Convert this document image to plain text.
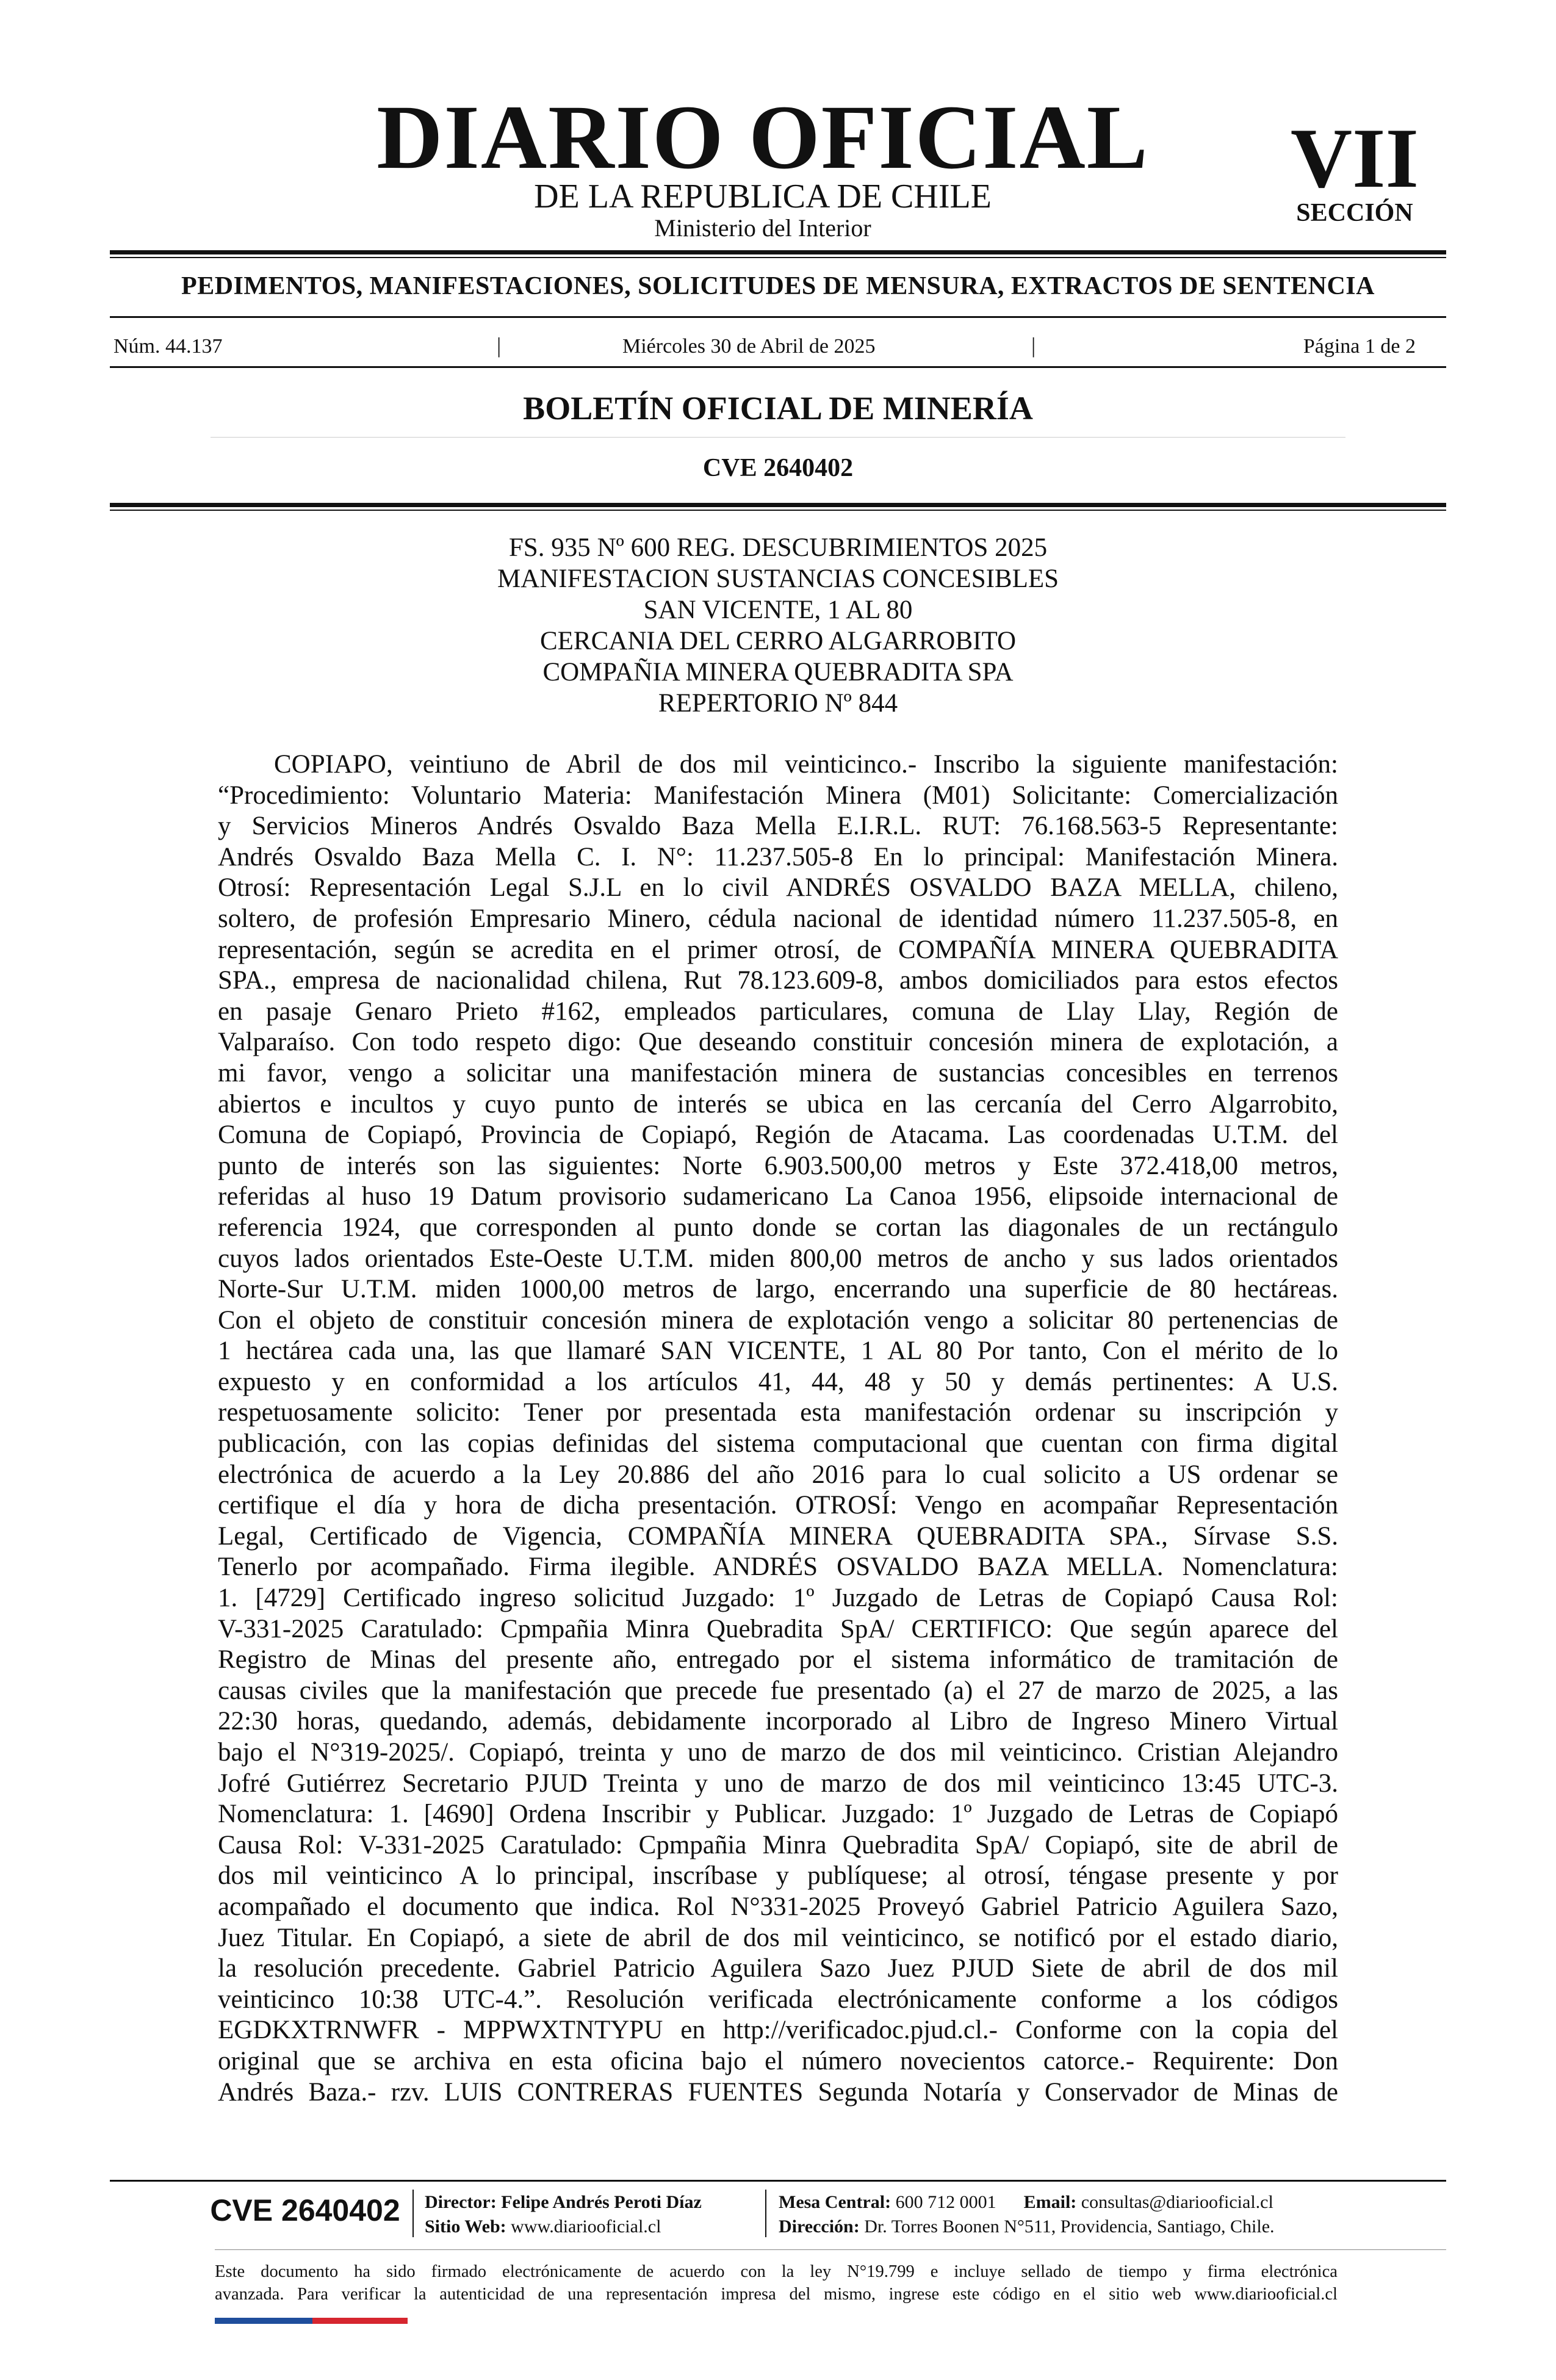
DIARIO OFICIAL
DE LA REPUBLICA DE CHILE
Ministerio del Interior
VII
SECCIÓN
PEDIMENTOS, MANIFESTACIONES, SOLICITUDES DE MENSURA, EXTRACTOS DE SENTENCIA
Núm. 44.137	|	Miércoles 30 de Abril de 2025	|	Página 1 de 2
BOLETÍN OFICIAL DE MINERÍA
CVE 2640402
FS. 935 Nº 600 REG. DESCUBRIMIENTOS 2025
MANIFESTACION SUSTANCIAS CONCESIBLES
SAN VICENTE, 1 AL 80
CERCANIA DEL CERRO ALGARROBITO
COMPAÑIA MINERA QUEBRADITA SPA
REPERTORIO Nº 844
COPIAPO, veintiuno de Abril de dos mil veinticinco.- Inscribo la siguiente manifestación:
“Procedimiento: Voluntario Materia: Manifestación Minera (M01) Solicitante: Comercialización
y Servicios Mineros Andrés Osvaldo Baza Mella E.I.R.L. RUT: 76.168.563-5 Representante:
Andrés Osvaldo Baza Mella C. I. N°: 11.237.505-8 En lo principal: Manifestación Minera.
Otrosí: Representación Legal S.J.L en lo civil ANDRÉS OSVALDO BAZA MELLA, chileno,
soltero, de profesión Empresario Minero, cédula nacional de identidad número 11.237.505-8, en
representación, según se acredita en el primer otrosí, de COMPAÑÍA MINERA QUEBRADITA
SPA., empresa de nacionalidad chilena, Rut 78.123.609-8, ambos domiciliados para estos efectos
en pasaje Genaro Prieto #162, empleados particulares, comuna de Llay Llay, Región de
Valparaíso. Con todo respeto digo: Que deseando constituir concesión minera de explotación, a
mi favor, vengo a solicitar una manifestación minera de sustancias concesibles en terrenos
abiertos e incultos y cuyo punto de interés se ubica en las cercanía del Cerro Algarrobito,
Comuna de Copiapó, Provincia de Copiapó, Región de Atacama. Las coordenadas U.T.M. del
punto de interés son las siguientes: Norte 6.903.500,00 metros y Este 372.418,00 metros,
referidas al huso 19 Datum provisorio sudamericano La Canoa 1956, elipsoide internacional de
referencia 1924, que corresponden al punto donde se cortan las diagonales de un rectángulo
cuyos lados orientados Este-Oeste U.T.M. miden 800,00 metros de ancho y sus lados orientados
Norte-Sur U.T.M. miden 1000,00 metros de largo, encerrando una superficie de 80 hectáreas.
Con el objeto de constituir concesión minera de explotación vengo a solicitar 80 pertenencias de
1 hectárea cada una, las que llamaré SAN VICENTE, 1 AL 80 Por tanto, Con el mérito de lo
expuesto y en conformidad a los artículos 41, 44, 48 y 50 y demás pertinentes: A U.S.
respetuosamente solicito: Tener por presentada esta manifestación ordenar su inscripción y
publicación, con las copias definidas del sistema computacional que cuentan con firma digital
electrónica de acuerdo a la Ley 20.886 del año 2016 para lo cual solicito a US ordenar se
certifique el día y hora de dicha presentación. OTROSÍ: Vengo en acompañar Representación
Legal, Certificado de Vigencia, COMPAÑÍA MINERA QUEBRADITA SPA., Sírvase S.S.
Tenerlo por acompañado. Firma ilegible. ANDRÉS OSVALDO BAZA MELLA. Nomenclatura:
1. [4729] Certificado ingreso solicitud Juzgado: 1º Juzgado de Letras de Copiapó Causa Rol:
V-331-2025 Caratulado: Cpmpañia Minra Quebradita SpA/ CERTIFICO: Que según aparece del
Registro de Minas del presente año, entregado por el sistema informático de tramitación de
causas civiles que la manifestación que precede fue presentado (a) el 27 de marzo de 2025, a las
22:30 horas, quedando, además, debidamente incorporado al Libro de Ingreso Minero Virtual
bajo el N°319-2025/. Copiapó, treinta y uno de marzo de dos mil veinticinco. Cristian Alejandro
Jofré Gutiérrez Secretario PJUD Treinta y uno de marzo de dos mil veinticinco 13:45 UTC-3.
Nomenclatura: 1. [4690] Ordena Inscribir y Publicar. Juzgado: 1º Juzgado de Letras de Copiapó
Causa Rol: V-331-2025 Caratulado: Cpmpañia Minra Quebradita SpA/ Copiapó, site de abril de
dos mil veinticinco A lo principal, inscríbase y publíquese; al otrosí, téngase presente y por
acompañado el documento que indica. Rol N°331-2025 Proveyó Gabriel Patricio Aguilera Sazo,
Juez Titular. En Copiapó, a siete de abril de dos mil veinticinco, se notificó por el estado diario,
la resolución precedente. Gabriel Patricio Aguilera Sazo Juez PJUD Siete de abril de dos mil
veinticinco 10:38 UTC-4.”. Resolución verificada electrónicamente conforme a los códigos
EGDKXTRNWFR - MPPWXTNTYPU en http://verificadoc.pjud.cl.- Conforme con la copia del
original que se archiva en esta oficina bajo el número novecientos catorce.- Requirente: Don
Andrés Baza.- rzv. LUIS CONTRERAS FUENTES Segunda Notaría y Conservador de Minas de
CVE 2640402	Director: Felipe Andrés Peroti Díaz
Sitio Web: www.diariooficial.cl
Mesa Central: 600 712 0001 Email: consultas@diariooficial.cl
Dirección: Dr. Torres Boonen N°511, Providencia, Santiago, Chile.
Este documento ha sido firmado electrónicamente de acuerdo con la ley N°19.799 e incluye sellado de tiempo y firma electrónica
avanzada. Para verificar la autenticidad de una representación impresa del mismo, ingrese este código en el sitio web www.diariooficial.cl
